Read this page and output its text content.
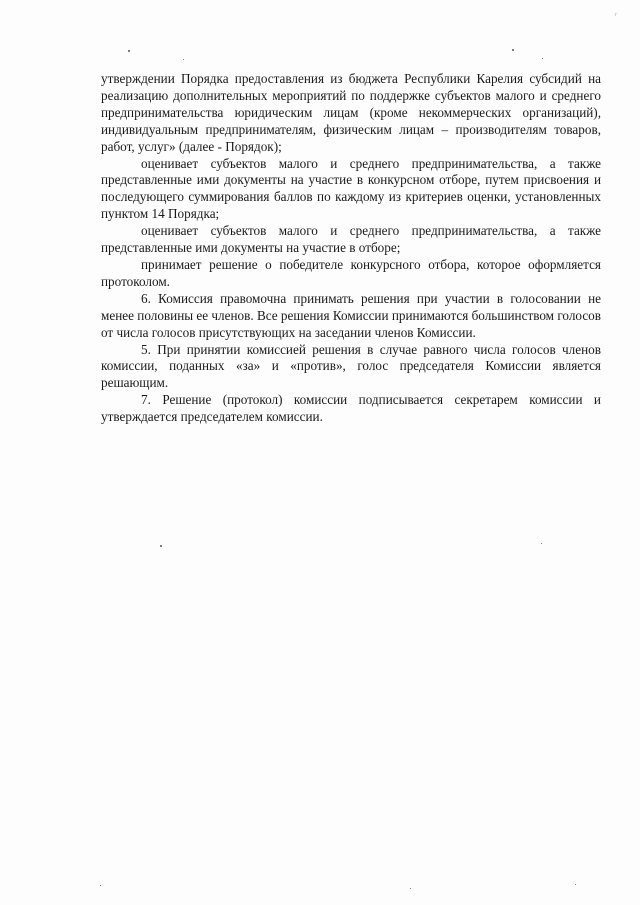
г

утверждении Порядка предоставления из бюджета Республики Карелия субсидий на реализацию дополнительных мероприятий по поддержке субъектов малого и среднего предпринимательства юридическим лицам (кроме некоммерческих организаций), индивидуальным предпринимателям, физическим лицам – производителям товаров, работ, услуг» (далее - Порядок);

оценивает субъектов малого и среднего предпринимательства, а также представленные ими документы на участие в конкурсном отборе, путем присвоения и последующего суммирования баллов по каждому из критериев оценки, установленных пунктом 14 Порядка;

оценивает субъектов малого и среднего предпринимательства, а также представленные ими документы на участие в отборе;

принимает решение о победителе конкурсного отбора, которое оформляется протоколом.

6. Комиссия правомочна принимать решения при участии в голосовании не менее половины ее членов. Все решения Комиссии принимаются большинством голосов от числа голосов присутствующих на заседании членов Комиссии.

5. При принятии комиссией решения в случае равного числа голосов членов комиссии, поданных «за» и «против», голос председателя Комиссии является решающим.

7. Решение (протокол) комиссии подписывается секретарем комиссии и утверждается председателем комиссии.
